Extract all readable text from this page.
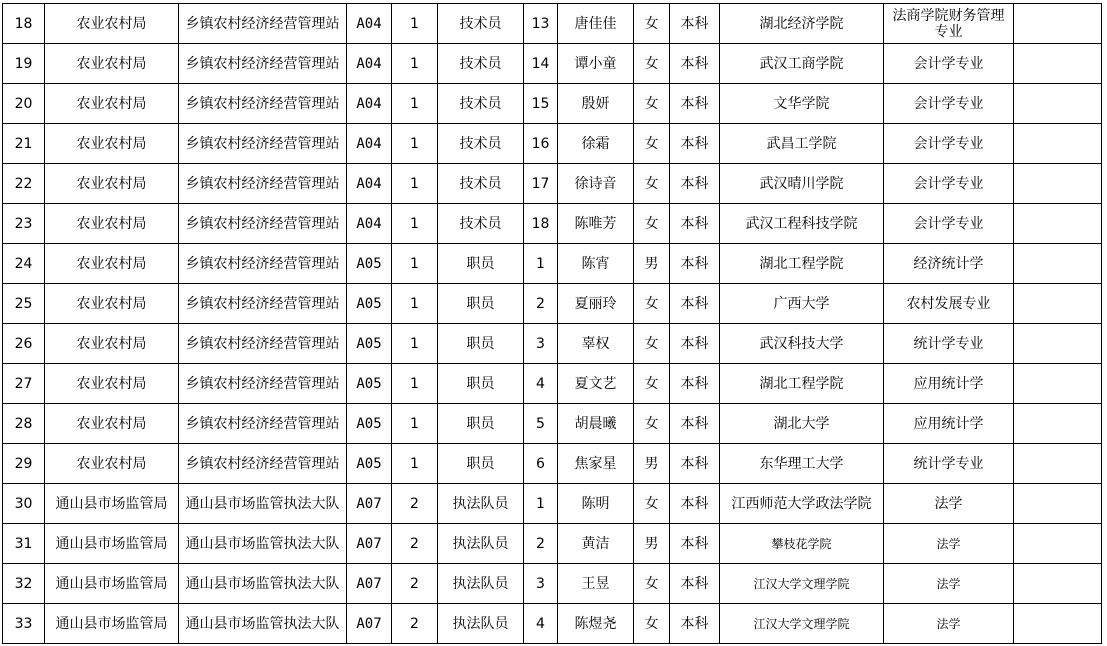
18	农业农村局	乡镇农村经济经营管理站	A04	1	技术员	13	唐佳佳	女	本科	湖北经济学院	法商学院财务管理专业	
19	农业农村局	乡镇农村经济经营管理站	A04	1	技术员	14	谭小童	女	本科	武汉工商学院	会计学专业	
20	农业农村局	乡镇农村经济经营管理站	A04	1	技术员	15	殷妍	女	本科	文华学院	会计学专业	
21	农业农村局	乡镇农村经济经营管理站	A04	1	技术员	16	徐霜	女	本科	武昌工学院	会计学专业	
22	农业农村局	乡镇农村经济经营管理站	A04	1	技术员	17	徐诗音	女	本科	武汉晴川学院	会计学专业	
23	农业农村局	乡镇农村经济经营管理站	A04	1	技术员	18	陈唯芳	女	本科	武汉工程科技学院	会计学专业	
24	农业农村局	乡镇农村经济经营管理站	A05	1	职员	1	陈宵	男	本科	湖北工程学院	经济统计学	
25	农业农村局	乡镇农村经济经营管理站	A05	1	职员	2	夏丽玲	女	本科	广西大学	农村发展专业	
26	农业农村局	乡镇农村经济经营管理站	A05	1	职员	3	辜权	女	本科	武汉科技大学	统计学专业	
27	农业农村局	乡镇农村经济经营管理站	A05	1	职员	4	夏文艺	女	本科	湖北工程学院	应用统计学	
28	农业农村局	乡镇农村经济经营管理站	A05	1	职员	5	胡晨曦	女	本科	湖北大学	应用统计学	
29	农业农村局	乡镇农村经济经营管理站	A05	1	职员	6	焦家星	男	本科	东华理工大学	统计学专业	
30	通山县市场监管局	通山县市场监管执法大队	A07	2	执法队员	1	陈明	女	本科	江西师范大学政法学院	法学	
31	通山县市场监管局	通山县市场监管执法大队	A07	2	执法队员	2	黄洁	男	本科	攀枝花学院	法学	
32	通山县市场监管局	通山县市场监管执法大队	A07	2	执法队员	3	王昱	女	本科	江汉大学文理学院	法学	
33	通山县市场监管局	通山县市场监管执法大队	A07	2	执法队员	4	陈煜尧	女	本科	江汉大学文理学院	法学	
